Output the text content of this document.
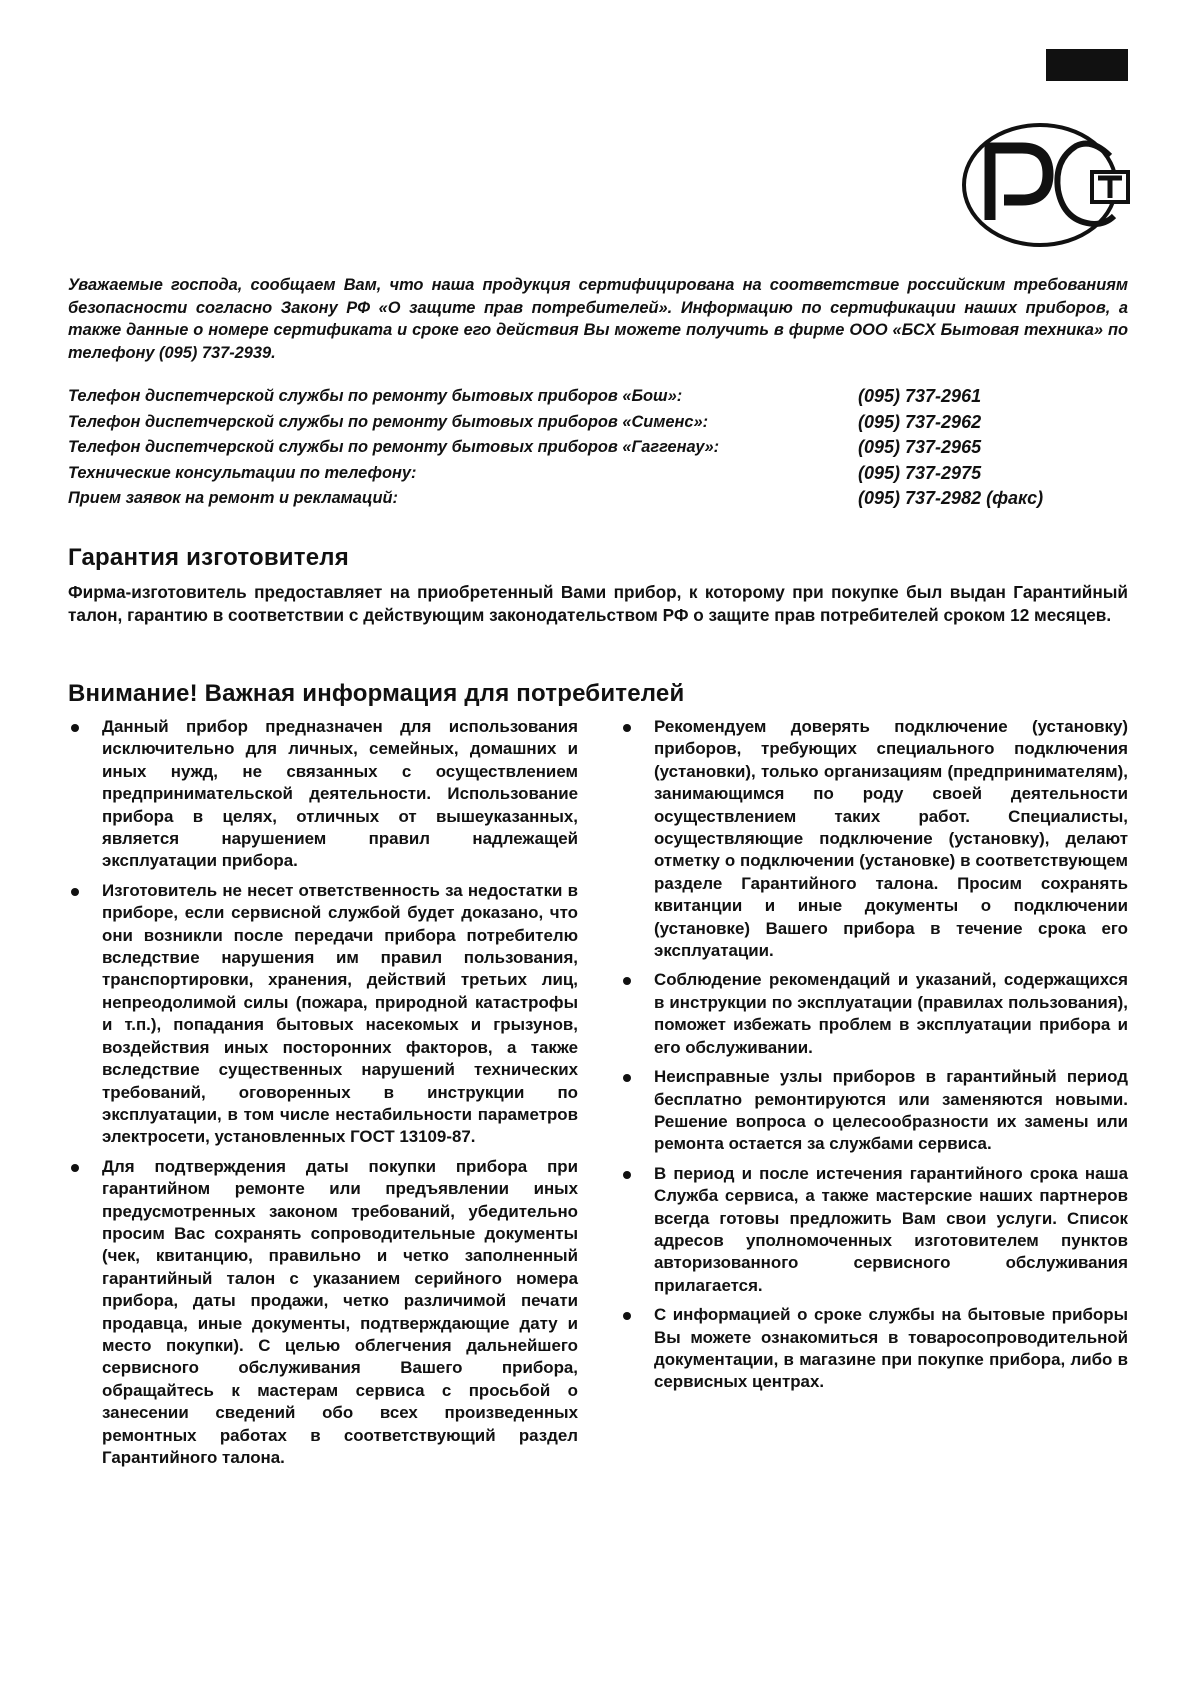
Уважаемые господа, сообщаем Вам, что наша продукция сертифицирована на соответствие российским требованиям безопасности согласно Закону РФ «О защите прав потребителей». Информацию по сертификации наших приборов, а также данные о номере сертификата и сроке его действия Вы можете получить в фирме ООО «БСХ Бытовая техника» по телефону (095) 737-2939.
Телефон диспетчерской службы по ремонту бытовых приборов «Бош»:	(095) 737-2961
Телефон диспетчерской службы по ремонту бытовых приборов «Сименс»:	(095) 737-2962
Телефон диспетчерской службы по ремонту бытовых приборов «Гаггенау»:	(095) 737-2965
Технические консультации по телефону:	(095) 737-2975
Прием заявок на ремонт и рекламаций:	(095) 737-2982 (факс)
Гарантия изготовителя
Фирма-изготовитель предоставляет на приобретенный Вами прибор, к которому при покупке был выдан Гарантийный талон, гарантию в соответствии с действующим законодательством РФ о защите прав потребителей сроком 12 месяцев.
Внимание! Важная информация для потребителей
Данный прибор предназначен для использования исключительно для личных, семейных, домашних и иных нужд, не связанных с осуществлением предпринимательской деятельности. Использование прибора в целях, отличных от вышеуказанных, является нарушением правил надлежащей эксплуатации прибора.
Изготовитель не несет ответственность за недостатки в приборе, если сервисной службой будет доказано, что они возникли после передачи прибора потребителю вследствие нарушения им правил пользования, транспортировки, хранения, действий третьих лиц, непреодолимой силы (пожара, природной катастрофы и т.п.), попадания бытовых насекомых и грызунов, воздействия иных посторонних факторов, а также вследствие существенных нарушений технических требований, оговоренных в инструкции по эксплуатации, в том числе нестабильности параметров электросети, установленных ГОСТ 13109-87.
Для подтверждения даты покупки прибора при гарантийном ремонте или предъявлении иных предусмотренных законом требований, убедительно просим Вас сохранять сопроводительные документы (чек, квитанцию, правильно и четко заполненный гарантийный талон с указанием серийного номера прибора, даты продажи, четко различимой печати продавца, иные документы, подтверждающие дату и место покупки). С целью облегчения дальнейшего сервисного обслуживания Вашего прибора, обращайтесь к мастерам сервиса с просьбой о занесении сведений обо всех произведенных ремонтных работах в соответствующий раздел Гарантийного талона.
Рекомендуем доверять подключение (установку) приборов, требующих специального подключения (установки), только организациям (предпринимателям), занимающимся по роду своей деятельности осуществлением таких работ. Специалисты, осуществляющие подключение (установку), делают отметку о подключении (установке) в соответствующем разделе Гарантийного талона. Просим сохранять квитанции и иные документы о подключении (установке) Вашего прибора в течение срока его эксплуатации.
Соблюдение рекомендаций и указаний, содержащихся в инструкции по эксплуатации (правилах пользования), поможет избежать проблем в эксплуатации прибора и его обслуживании.
Неисправные узлы приборов в гарантийный период бесплатно ремонтируются или заменяются новыми. Решение вопроса о целесообразности их замены или ремонта остается за службами сервиса.
В период и после истечения гарантийного срока наша Служба сервиса, а также мастерские наших партнеров всегда готовы предложить Вам свои услуги. Список адресов уполномоченных изготовителем пунктов авторизованного сервисного обслуживания прилагается.
С информацией о сроке службы на бытовые приборы Вы можете ознакомиться в товаросопроводительной документации, в магазине при покупке прибора, либо в сервисных центрах.
